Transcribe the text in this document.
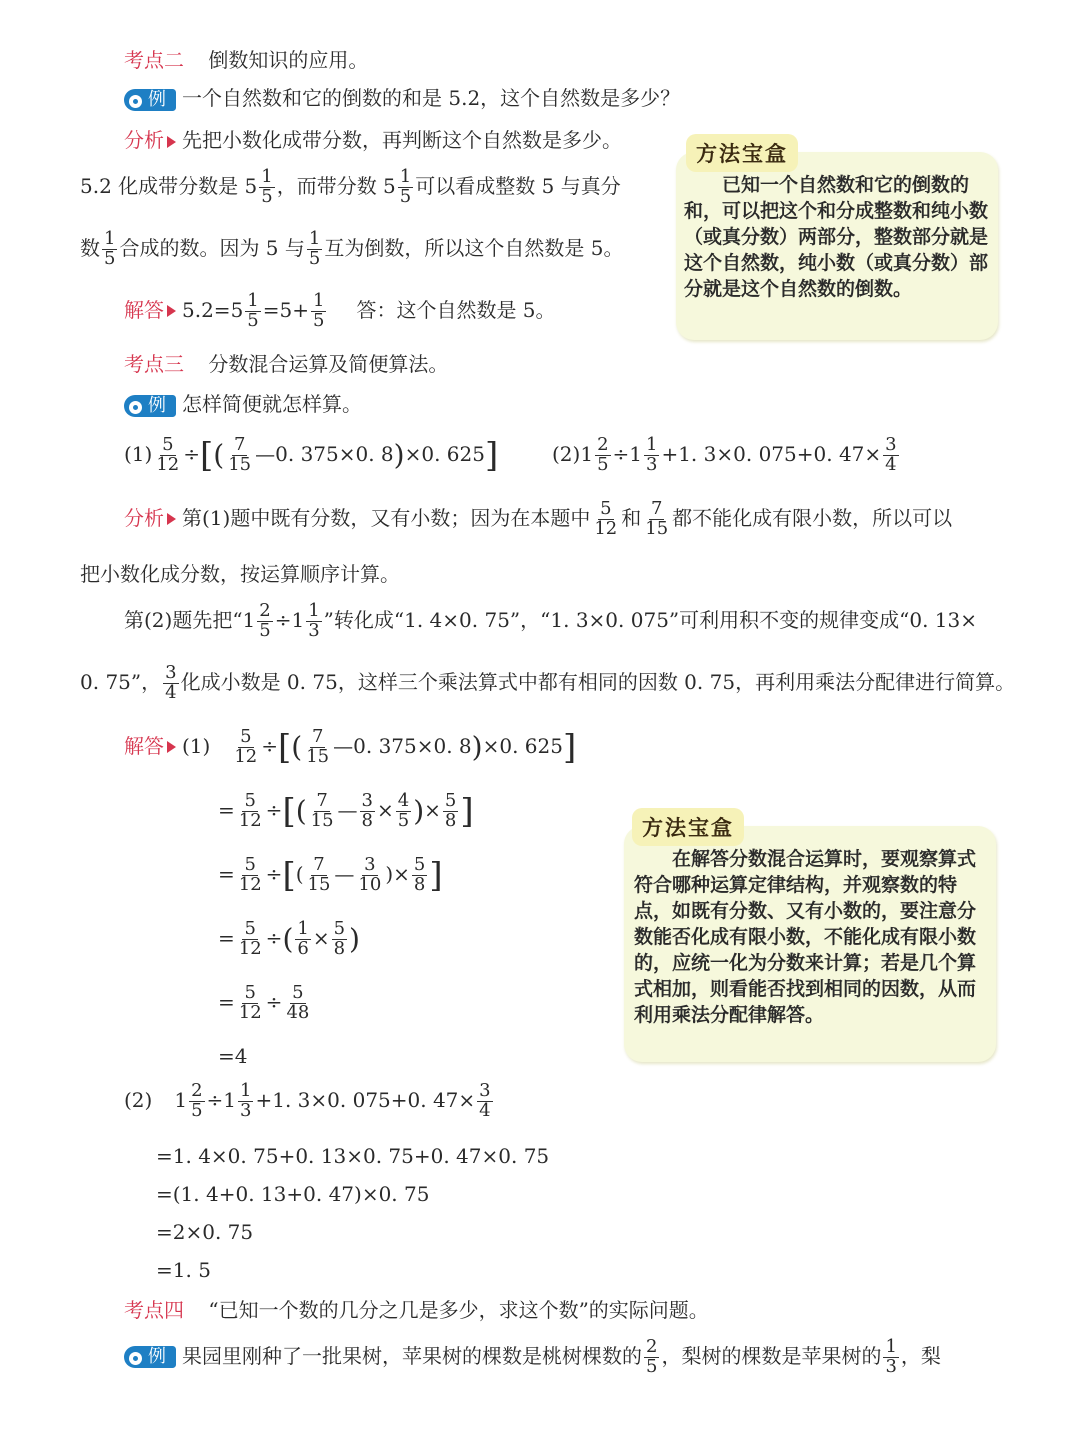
考点二 倒数知识的应用。
例 一个自然数和它的倒数的和是 5.2，这个自然数是多少？
分析 先把小数化成带分数，再判断这个自然数是多少。
5.2 化成带分数是 $5 \frac{1}{5}$ ，而带分数 $5 \frac{1}{5}$ 可以看成整数 5 与真分
数 $\frac{1}{5}$ 合成的数。因为 5 与 $\frac{1}{5}$ 互为倒数，所以这个自然数是 5。
解答 $5.2=5 \frac{1}{5} =5+ \frac{1}{5}$ 答：这个自然数是 5。
已知一个自然数和它的倒数的和，可以把这个和分成整数和纯小数（或真分数）两部分，整数部分就是这个自然数，纯小数（或真分数）部分就是这个自然数的倒数。
方法宝盒
考点三 分数混合运算及简便算法。
例 怎样简便就怎样算。
$(1) \frac{5}{12}$ ÷[( $\frac{7}{15}$ —0. 375×0. 8)×0. 625]	$(2)1 \frac{2}{5} \div 1 \frac{1}{3} +1$. 3×0. 075+0. $47\times \frac{3}{4}$
分析 第(1)题中既有分数，又有小数；因为在本题中 $\frac{5}{12}$ 和 $\frac{7}{15}$ 都不能化成有限小数，所以可以
把小数化成分数，按运算顺序计算。
第(2)题先把“$1 \frac{2}{5} \div 1 \frac{1}{3}$ ”转化成“1. 4×0. 75”，“1. 3×0. 075”可利用积不变的规律变成“0. 13×
0. 75”， $\frac{3}{4}$ 化成小数是 0. 75，这样三个乘法算式中都有相同的因数 0. 75，再利用乘法分配律进行简算。
解答 $(1) \frac{5}{12}$ ÷[( $\frac{7}{15}$ —0. 375×0. 8)×0. 625]
= $\frac{5}{12}$ ÷[( $\frac{7}{15}$ — $\frac{3}{8} \times \frac{4}{5}$ )× $\frac{5}{8}$ ]
= $\frac{5}{12}$ ÷[( $\frac{7}{15}$ — $\frac{3}{10}$ )× $\frac{5}{8}$ ]
= $\frac{5}{12}$ ÷( $\frac{1}{6} \times \frac{5}{8}$ )
= $\frac{5}{12} \div \frac{5}{48}$
=4
在解答分数混合运算时，要观察算式符合哪种运算定律结构，并观察数的特点，如既有分数、又有小数的，要注意分数能否化成有限小数，不能化成有限小数的，应统一化为分数来计算；若是几个算式相加，则看能否找到相同的因数，从而利用乘法分配律解答。
方法宝盒
(2) $1 \frac{2}{5} \div 1 \frac{1}{3} +1$. 3×0. 075+0. $47\times \frac{3}{4}$
=1. 4×0. 75+0. 13×0. 75+0. 47×0. 75
=(1. 4+0. 13+0. 47)×0. 75
=2×0. 75
=1. 5
考点四 “已知一个数的几分之几是多少，求这个数”的实际问题。
例 果园里刚种了一批果树，苹果树的棵数是桃树棵数的 $\frac{2}{5}$ ，梨树的棵数是苹果树的 $\frac{1}{3}$ ，梨
